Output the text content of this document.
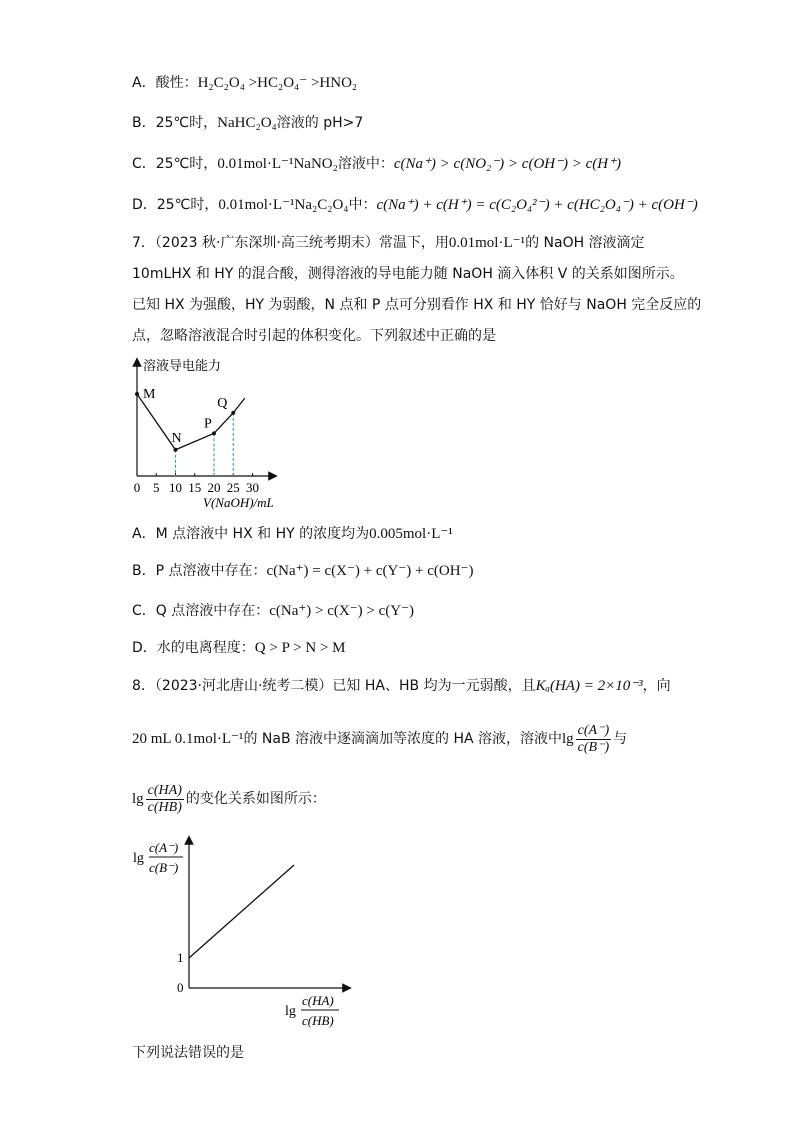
A．酸性：H₂C₂O₄ >HC₂O₄⁻ >HNO₂
B．25℃时，NaHC₂O₄溶液的 pH>7
C．25℃时，0.01mol·L⁻¹NaNO₂溶液中：c(Na⁺) > c(NO₂⁻) > c(OH⁻) > c(H⁺)
D．25℃时，0.01mol·L⁻¹Na₂C₂O₄中：c(Na⁺) + c(H⁺) = c(C₂O₄²⁻) + c(HC₂O₄⁻) + c(OH⁻)
7．（2023 秋·广东深圳·高三统考期末）常温下，用0.01mol·L⁻¹的 NaOH 溶液滴定
10mLHX 和 HY 的混合酸，测得溶液的导电能力随 NaOH 滴入体积 V 的关系如图所示。
已知 HX 为强酸，HY 为弱酸，N 点和 P 点可分别看作 HX 和 HY 恰好与 NaOH 完全反应的
点，忽略溶液混合时引起的体积变化。下列叙述中正确的是
溶液导电能力
0 5 10 15 20 25 30
M
N
P
Q
V(NaOH)/mL
A．M 点溶液中 HX 和 HY 的浓度均为0.005mol·L⁻¹
B．P 点溶液中存在：c(Na⁺) = c(X⁻) + c(Y⁻) + c(OH⁻)
C．Q 点溶液中存在：c(Na⁺) > c(X⁻) > c(Y⁻)
D．水的电离程度：Q > P > N > M
8．（2023·河北唐山·统考二模）已知 HA、HB 均为一元弱酸，且Kₐ(HA) = 2×10⁻³，向
20 mL 0.1mol·L⁻¹的 NaB 溶液中逐滴滴加等浓度的 HA 溶液，溶液中$\lg \frac{c(A^-)}{c(B^-)}$ 与
$\lg \frac{c(HA)}{c(HB)}$ 的变化关系如图所示：
lg
c(A⁻)
c(B⁻)
1
0
lg
c(HA)
c(HB)
下列说法错误的是
